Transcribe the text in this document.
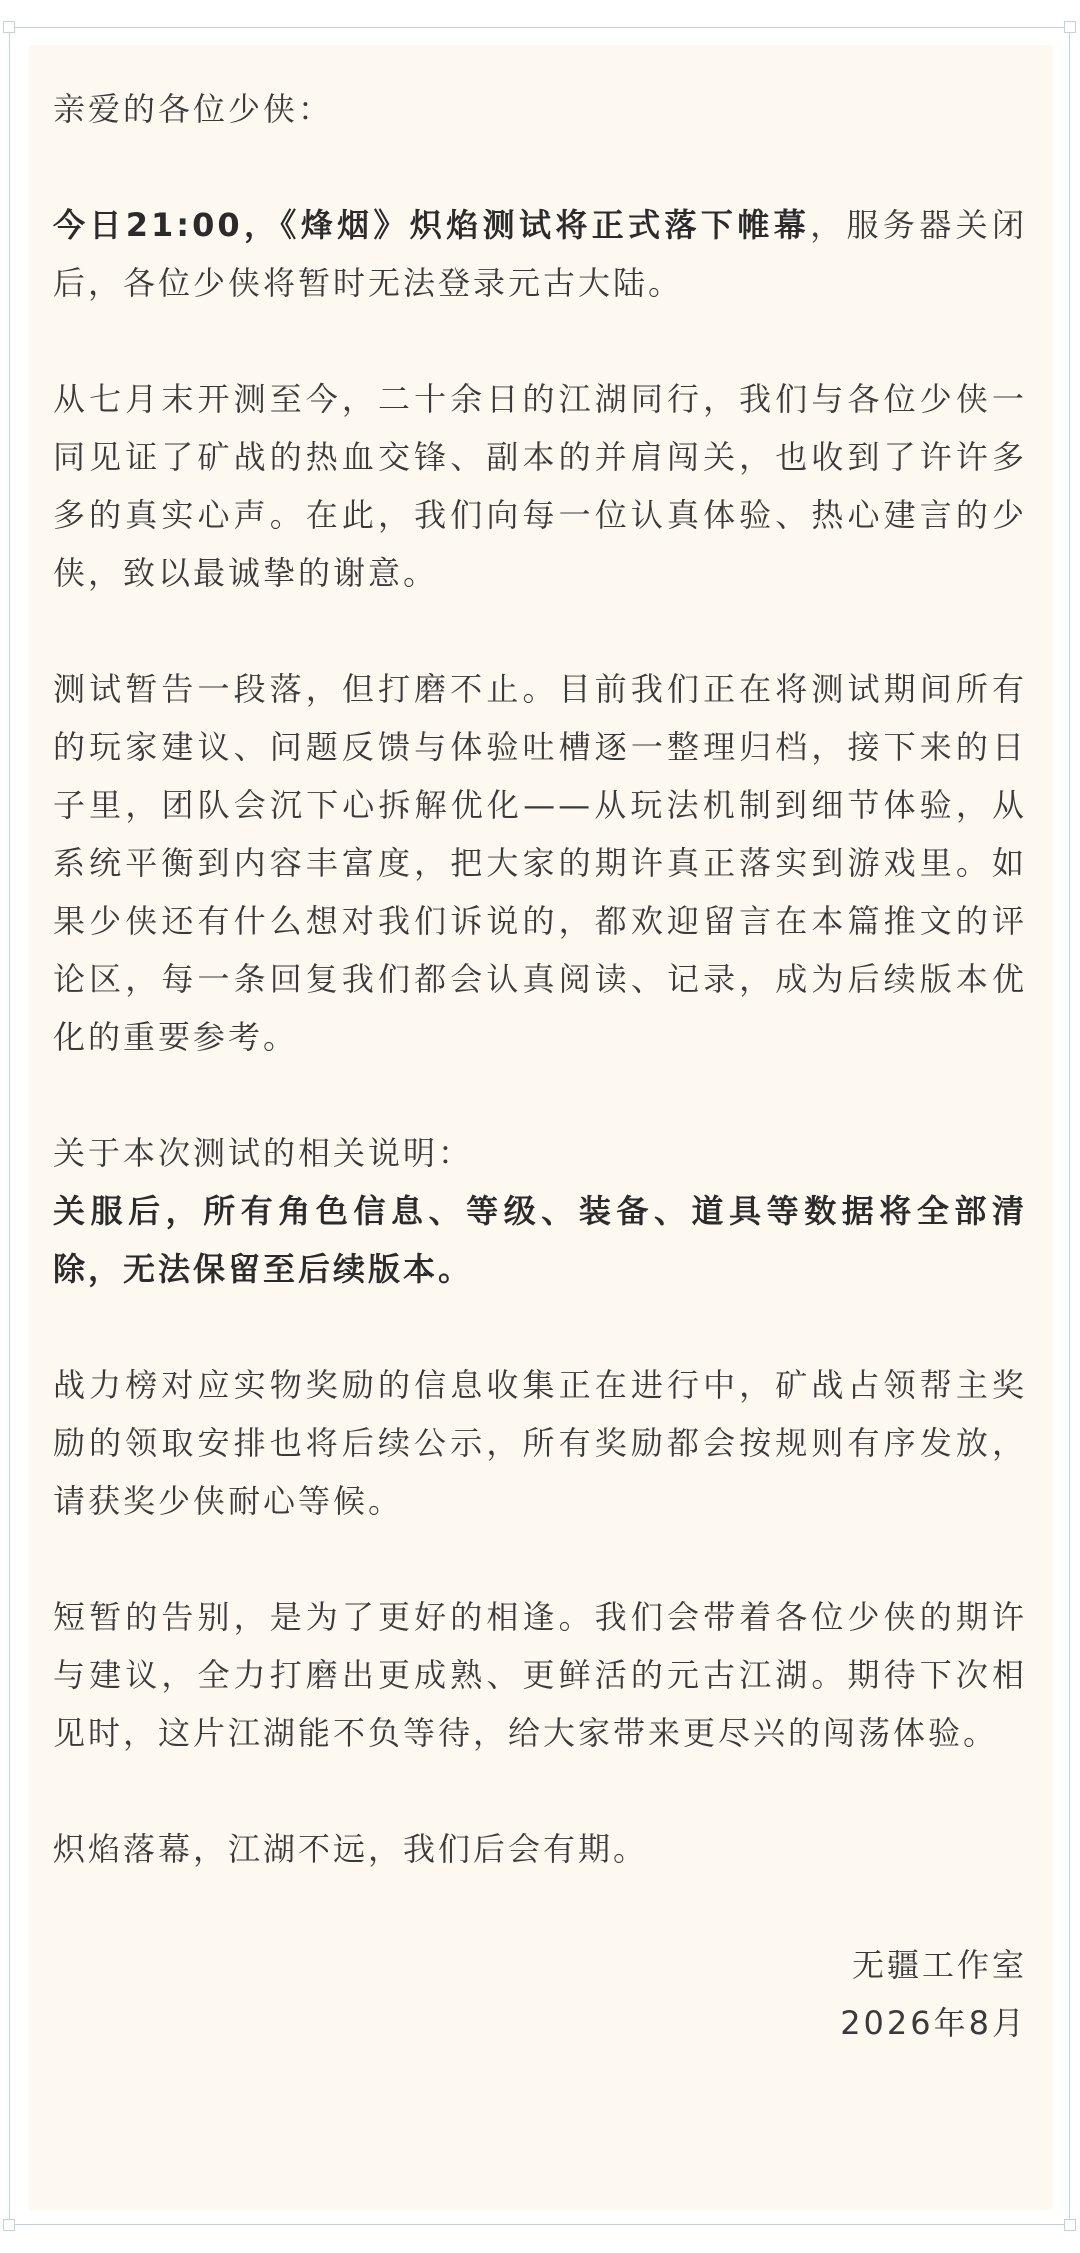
亲爱的各位少侠：

今日21:00，《烽烟》炽焰测试将正式落下帷幕，服务器关闭后，各位少侠将暂时无法登录元古大陆。

从七月末开测至今，二十余日的江湖同行，我们与各位少侠一同见证了矿战的热血交锋、副本的并肩闯关，也收到了许许多多的真实心声。在此，我们向每一位认真体验、热心建言的少侠，致以最诚挚的谢意。

测试暂告一段落，但打磨不止。目前我们正在将测试期间所有的玩家建议、问题反馈与体验吐槽逐一整理归档，接下来的日子里，团队会沉下心拆解优化——从玩法机制到细节体验，从系统平衡到内容丰富度，把大家的期许真正落实到游戏里。如果少侠还有什么想对我们诉说的，都欢迎留言在本篇推文的评论区，每一条回复我们都会认真阅读、记录，成为后续版本优化的重要参考。

关于本次测试的相关说明：

关服后，所有角色信息、等级、装备、道具等数据将全部清除，无法保留至后续版本。

战力榜对应实物奖励的信息收集正在进行中，矿战占领帮主奖励的领取安排也将后续公示，所有奖励都会按规则有序发放，请获奖少侠耐心等候。

短暂的告别，是为了更好的相逢。我们会带着各位少侠的期许与建议，全力打磨出更成熟、更鲜活的元古江湖。期待下次相见时，这片江湖能不负等待，给大家带来更尽兴的闯荡体验。

炽焰落幕，江湖不远，我们后会有期。

无疆工作室

2026年8月
